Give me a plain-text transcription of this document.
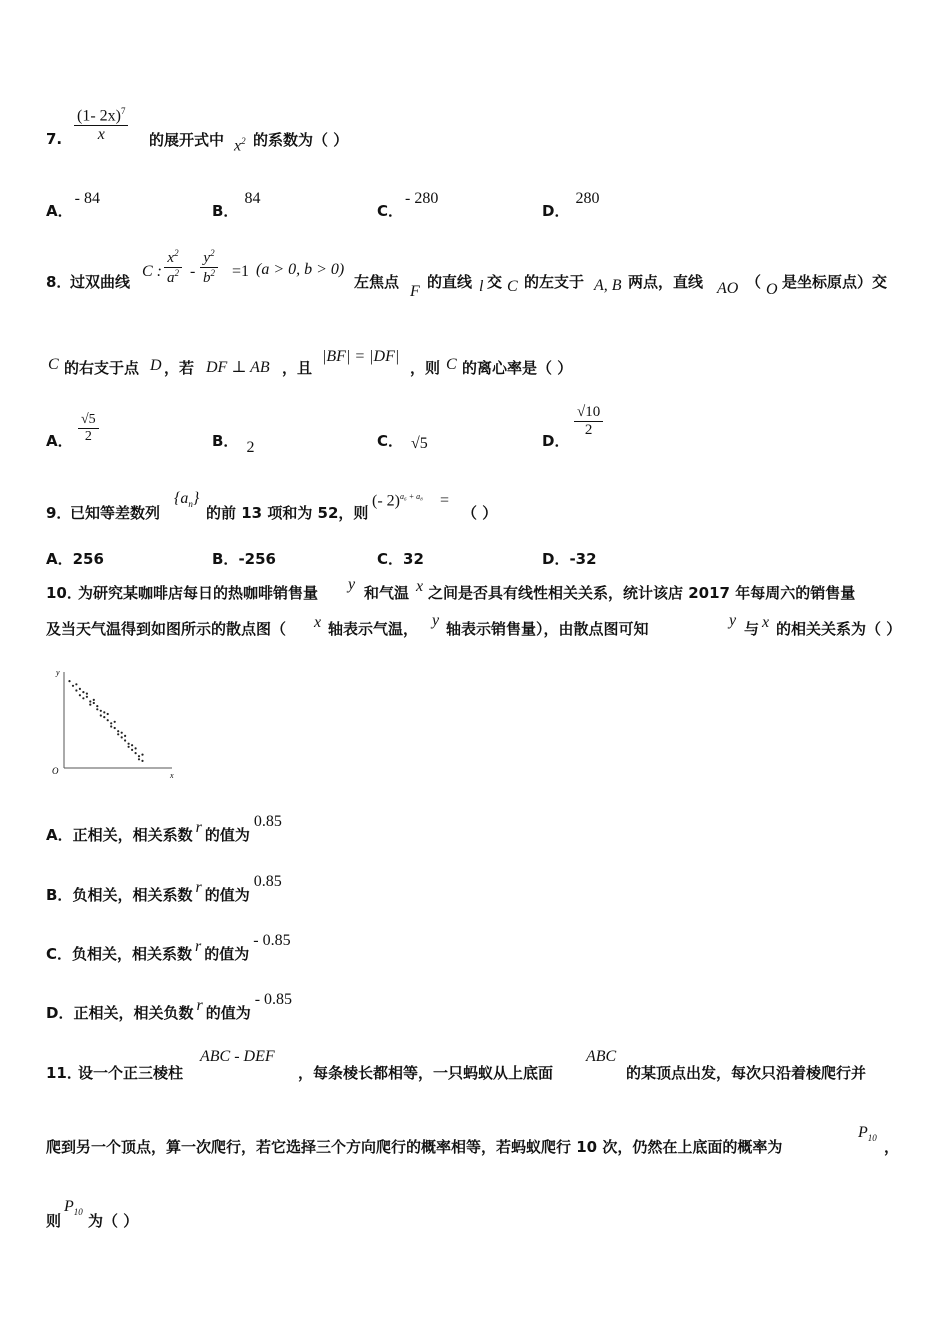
7. $\frac{(1- 2x)^7}{x}$ 的展开式中 $x^2$ 的系数为（ ）
A．- 84
B．84
C．- 280
D．280
8．
过双曲线
C : $\frac{x^2}{a^2} - \frac{y^2}{b^2} =1$ (a > 0, b > 0)
左焦点
F
的直线 l 交 C 的左支于 A, B 两点，直线 AO （ O 是坐标原点）交
C 的右支于点 D ，若 DF ⊥ AB ，且
|BF| = |DF|
，则 C 的离心率是（ ）
A． $\frac{√5}{2}$	B． 2	C． √5	D．
$\frac{√10}{2}$
9．
已知等差数列
$\{a_n\}$
的前 13 项和为 52，则
(- 2)$^{a_6 + a_8}$ =
（ ）
A．256	B．-256	C．32	D．-32
10．
为研究某咖啡店每日的热咖啡销售量 y 和气温 x 之间是否具有线性相关关系，统计该店 2017 年每周六的销售量
及当天气温得到如图所示的散点图（ x 轴表示气温， y 轴表示销售量），由散点图可知	y 与 x 的相关关系为（ ）
y
x
O
A．正相关，相关系数 r 的值为0.85
B．负相关，相关系数 r 的值为0.85
C．负相关，相关系数 r 的值为- 0.85
D．正相关，相关负数 r 的值为- 0.85
11．
设一个正三棱柱
ABC - DEF
，每条棱长都相等，一只蚂蚁从上底面
ABC
的某顶点出发，每次只沿着棱爬行并
爬到另一个顶点，算一次爬行，若它选择三个方向爬行的概率相等，若蚂蚁爬行 10 次，仍然在上底面的概率为
$P_{10}$ ，
则
$P_{10}$ 为（ ）
